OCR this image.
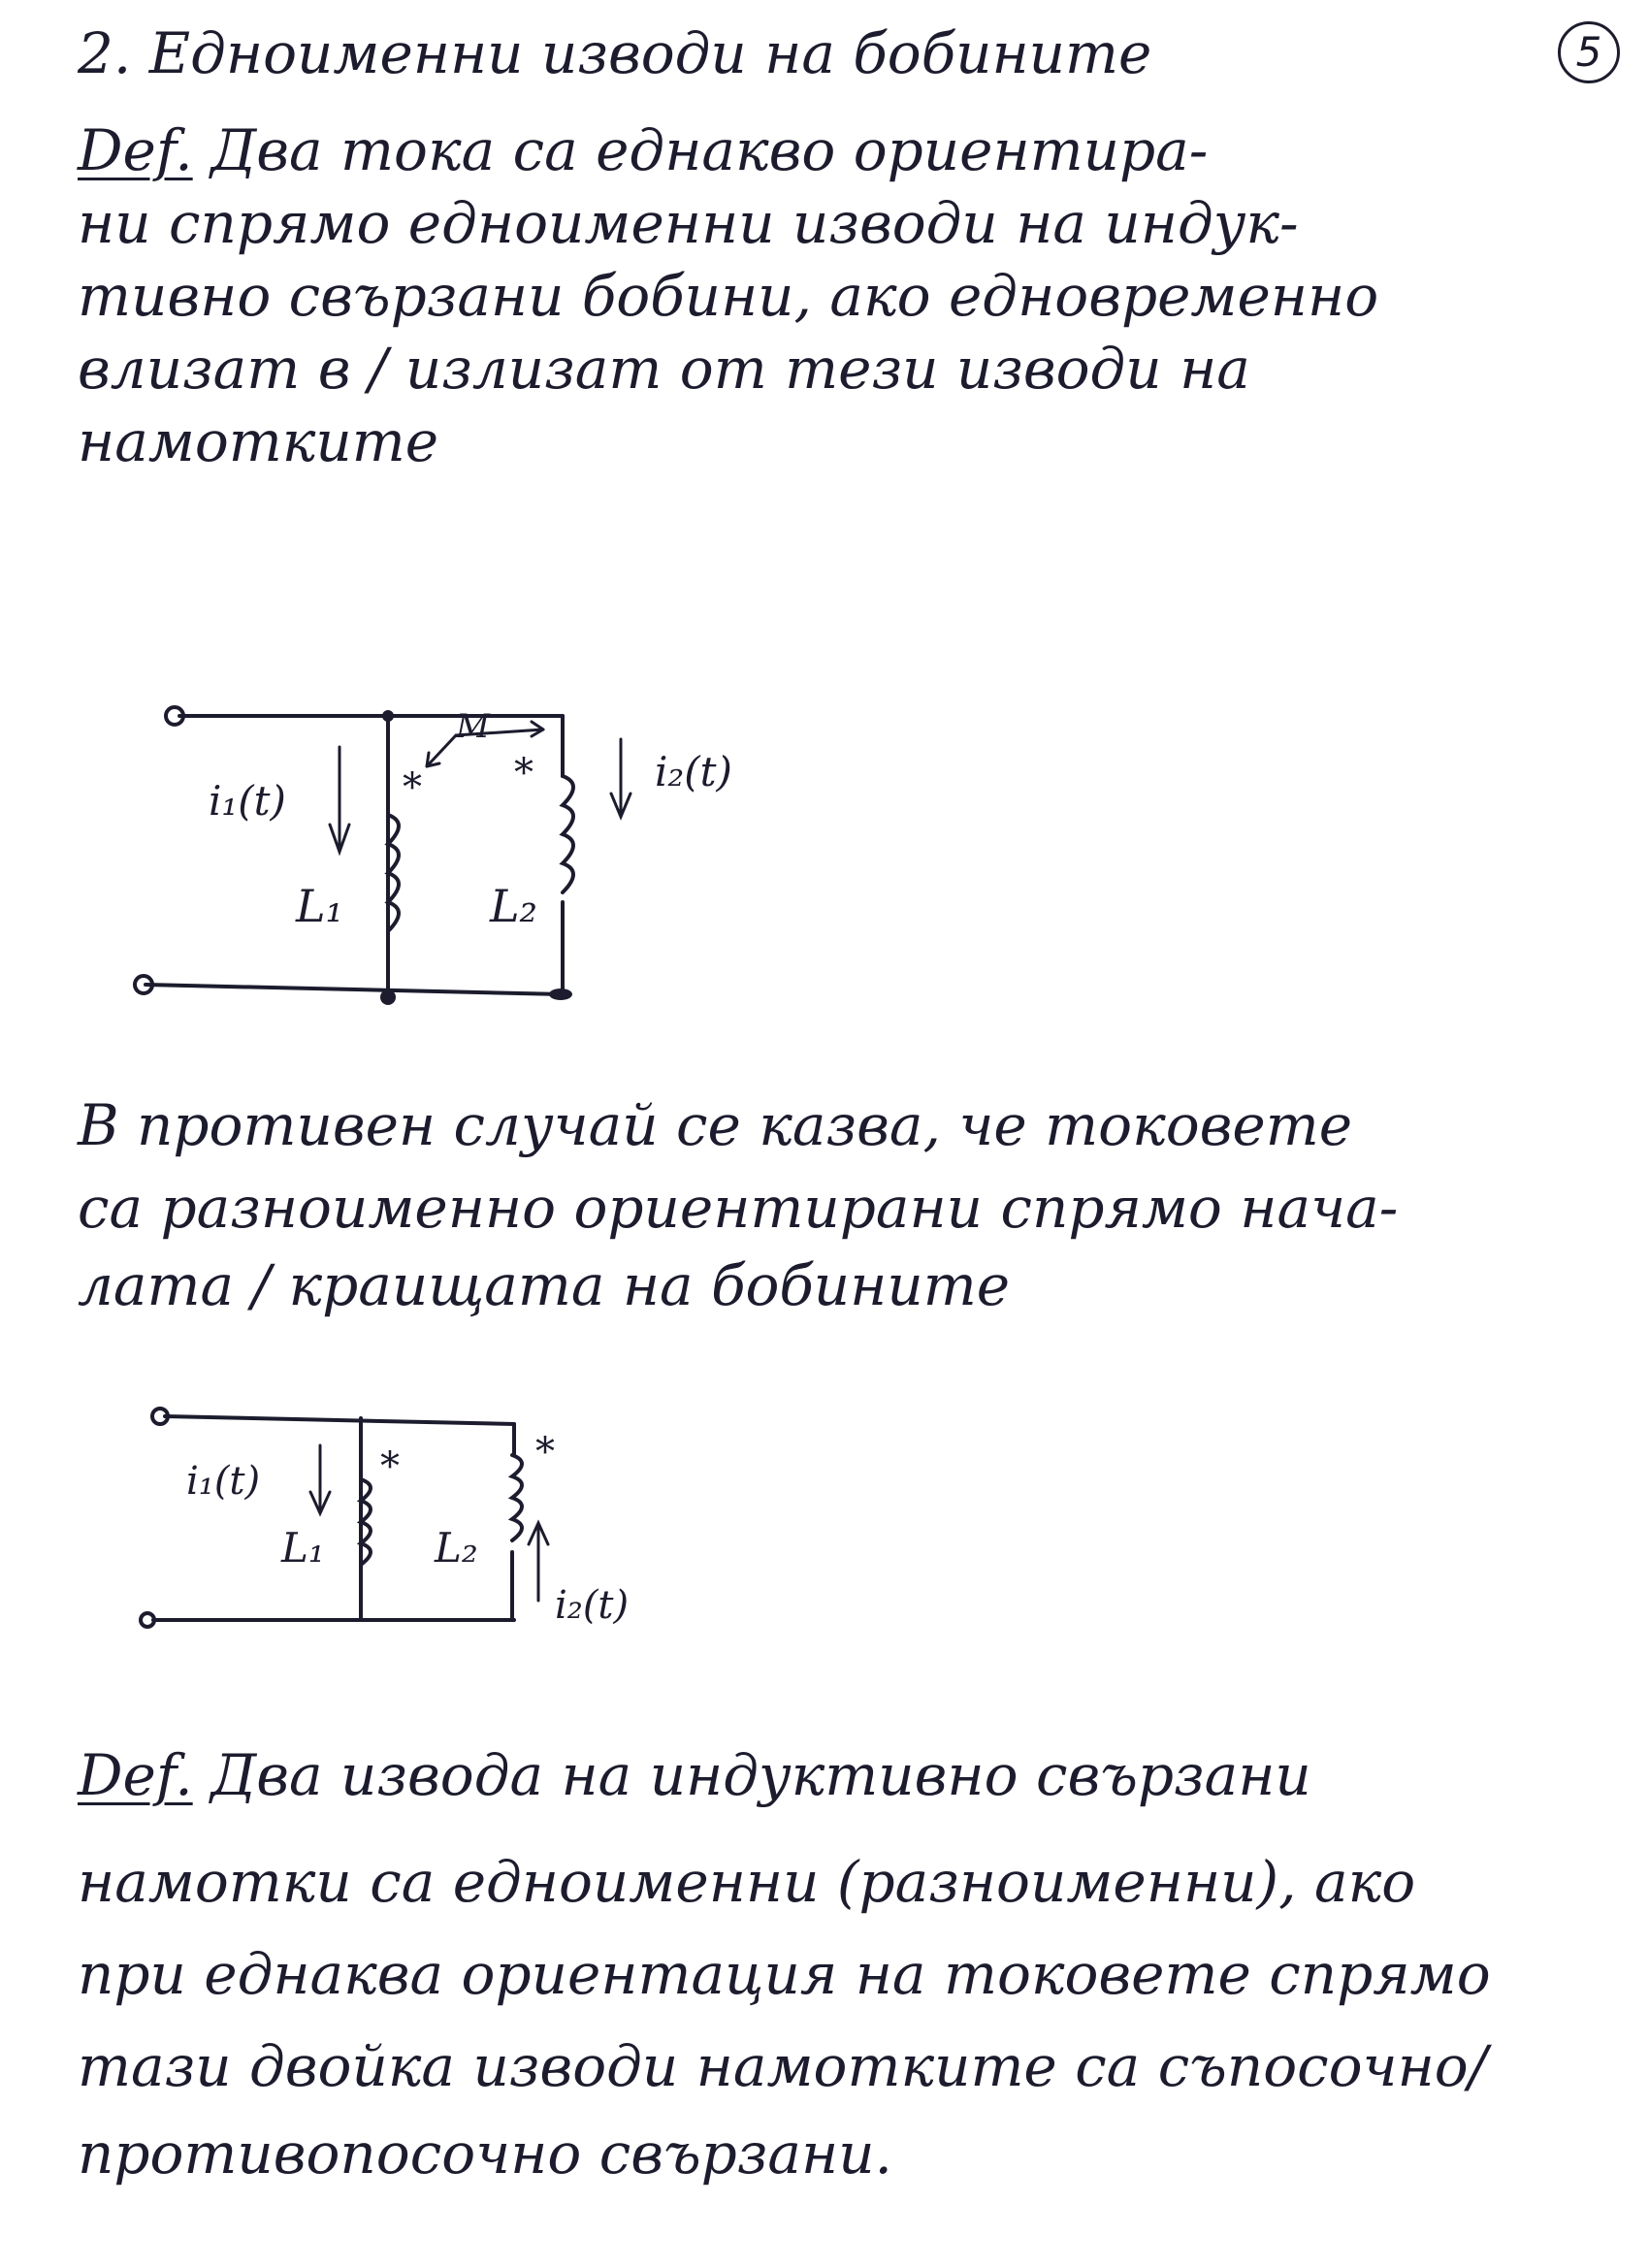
5
2. Едноименни изводи на бобините
Def. Два тока са еднакво ориентира-
ни спрямо едноименни изводи на индук-
тивно свързани бобини, ако едновременно
влизат в / излизат от тези изводи на
намотките
M
* *
i₁(t)
i₂(t)
L₁	L₂
В противен случай се казва, че токовете
са разноименно ориентирани спрямо нача-
лата / краищата на бобините
*	*
i₁(t)
i₂(t)
L₁	L₂
Def. Два извода на индуктивно свързани
намотки са едноименни (разноименни), ако
при еднаква ориентация на токовете спрямо
тази двойка изводи намотките са съпосочно/
противопосочно свързани.
